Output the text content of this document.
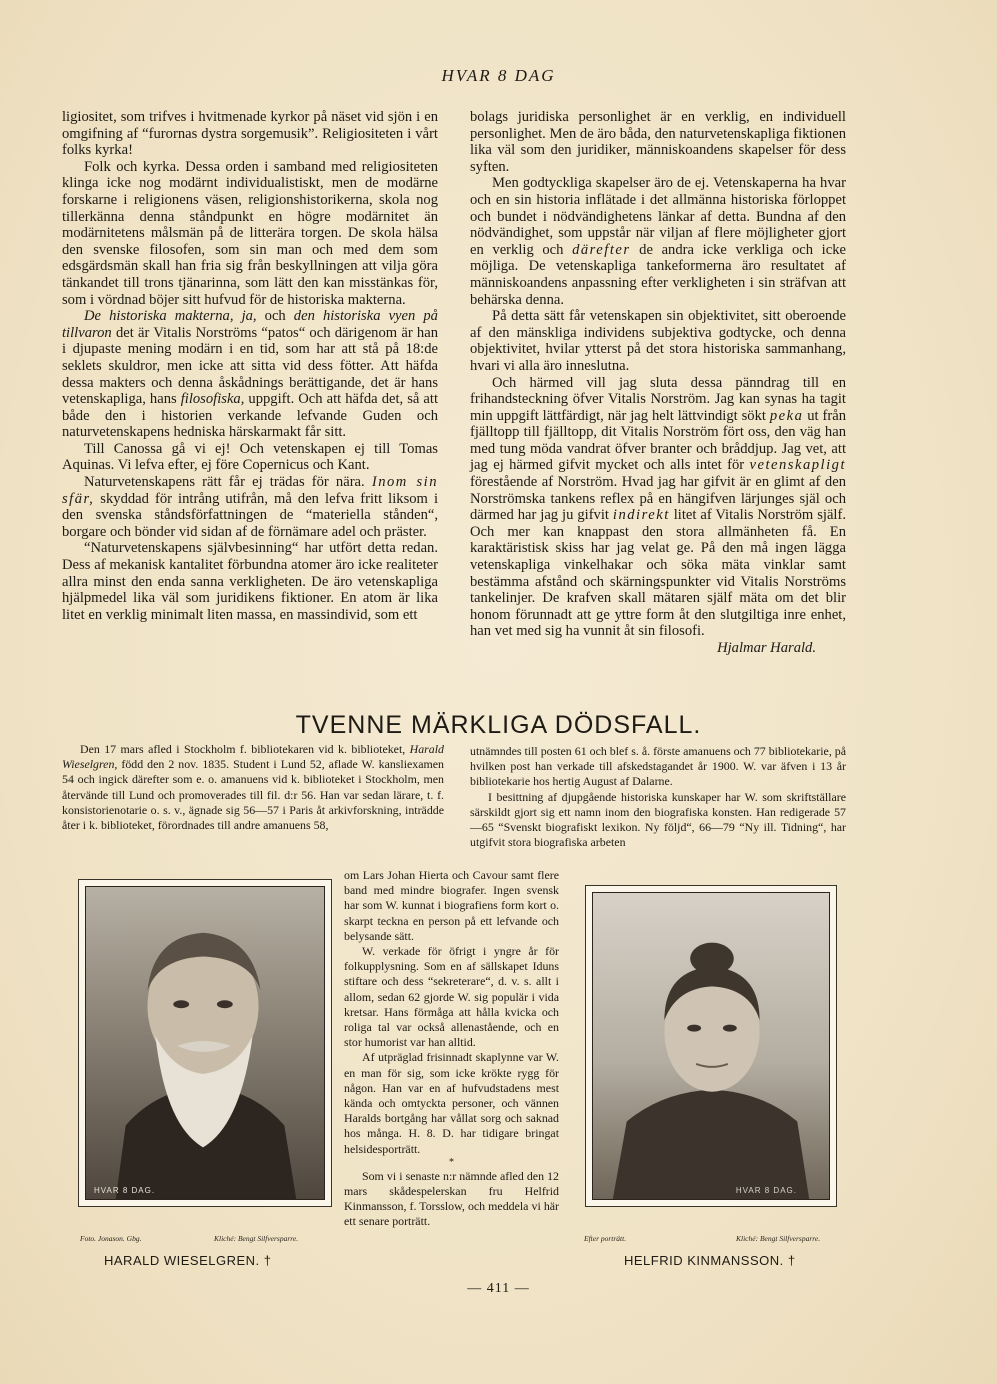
HVAR 8 DAG

ligiositet, som trifves i hvitmenade kyrkor på näset vid sjön i en omgifning af “furornas dystra sorgemusik”. Religiositeten i vårt folks kyrka!

Folk och kyrka. Dessa orden i samband med religiositeten klinga icke nog modärnt individualistiskt, men de modärne forskarne i religionens väsen, religionshistorikerna, skola nog tillerkänna denna ståndpunkt en högre modärnitet än modärnitetens målsmän på de litterära torgen. De skola hälsa den svenske filosofen, som sin man och med dem som edsgärdsmän skall han fria sig från beskyllningen att vilja göra tänkandet till trons tjänarinna, som lätt den kan misstänkas för, som i vördnad böjer sitt hufvud för de historiska makterna.

De historiska makterna, ja, och den historiska vyen på tillvaron det är Vitalis Norströms “patos“ och därigenom är han i djupaste mening modärn i en tid, som har att stå på 18:de seklets skuldror, men icke att sitta vid dess fötter. Att häfda dessa makters och denna åskådnings berättigande, det är hans vetenskapliga, hans filosofiska, uppgift. Och att häfda det, så att både den i historien verkande lefvande Guden och naturvetenskapens hedniska härskarmakt får sitt.

Till Canossa gå vi ej! Och vetenskapen ej till Tomas Aquinas. Vi lefva efter, ej före Copernicus och Kant.

Naturvetenskapens rätt får ej trädas för nära. Inom sin sfär, skyddad för intrång utifrån, må den lefva fritt liksom i den svenska ståndsförfattningen de “materiella stånden“, borgare och bönder vid sidan af de förnämare adel och präster.

“Naturvetenskapens självbesinning“ har utfört detta redan. Dess af mekanisk kantalitet förbundna atomer äro icke realiteter allra minst den enda sanna verkligheten. De äro vetenskapliga hjälpmedel lika väl som juridikens fiktioner. En atom är lika litet en verklig minimalt liten massa, en massindivid, som ett

bolags juridiska personlighet är en verklig, en individuell personlighet. Men de äro båda, den naturvetenskapliga fiktionen lika väl som den juridiker, människoandens skapelser för dess syften.

Men godtyckliga skapelser äro de ej. Vetenskaperna ha hvar och en sin historia inflätade i det allmänna historiska förloppet och bundet i nödvändighetens länkar af detta. Bundna af den nödvändighet, som uppstår när viljan af flere möjligheter gjort en verklig och därefter de andra icke verkliga och icke möjliga. De vetenskapliga tankeformerna äro resultatet af människoandens anpassning efter verkligheten i sin sträfvan att behärska denna.

På detta sätt får vetenskapen sin objektivitet, sitt oberoende af den mänskliga individens subjektiva godtycke, och denna objektivitet, hvilar ytterst på det stora historiska sammanhang, hvari vi alla äro inneslutna.

Och härmed vill jag sluta dessa pänndrag till en frihandsteckning öfver Vitalis Norström. Jag kan synas ha tagit min uppgift lättfärdigt, när jag helt lättvindigt sökt peka ut från fjälltopp till fjälltopp, dit Vitalis Norström fört oss, den väg han med tung möda vandrat öfver branter och bråddjup. Jag vet, att jag ej härmed gifvit mycket och alls intet för vetenskapligt förestående af Norström. Hvad jag har gifvit är en glimt af den Norströmska tankens reflex på en hängifven lärjunges själ och därmed har jag ju gifvit indirekt litet af Vitalis Norström själf. Och mer kan knappast den stora allmänheten få. En karaktäristisk skiss har jag velat ge. På den må ingen lägga vetenskapliga vinkelhakar och söka mäta vinklar samt bestämma afstånd och skärningspunkter vid Vitalis Norströms tankelinjer. De krafven skall mätaren själf mäta om det blir honom förunnadt att ge yttre form åt den slutgiltiga inre enhet, han vet med sig ha vunnit åt sin filosofi.

Hjalmar Harald.

TVENNE MÄRKLIGA DÖDSFALL.

Den 17 mars afled i Stockholm f. bibliotekaren vid k. biblioteket, Harald Wieselgren, född den 2 nov. 1835. Student i Lund 52, aflade W. kansliexamen 54 och ingick därefter som e. o. amanuens vid k. biblioteket i Stockholm, men återvände till Lund och promoverades till fil. d:r 56. Han var sedan lärare, t. f. konsistorienotarie o. s. v., ägnade sig 56—57 i Paris åt arkivforskning, inträdde åter i k. biblioteket, förordnades till andre amanuens 58,

utnämndes till posten 61 och blef s. å. förste amanuens och 77 bibliotekarie, på hvilken post han verkade till afskedstagandet år 1900. W. var äfven i 13 år bibliotekarie hos hertig August af Dalarne.

I besittning af djupgående historiska kunskaper har W. som skriftställare särskildt gjort sig ett namn inom den biografiska konsten. Han redigerade 57—65 “Svenskt biografiskt lexikon. Ny följd“, 66—79 “Ny ill. Tidning“, har utgifvit stora biografiska arbeten

om Lars Johan Hierta och Cavour samt flere band med mindre biografer. Ingen svensk har som W. kunnat i biografiens form kort o. skarpt teckna en person på ett lefvande och belysande sätt.

W. verkade för öfrigt i yngre år för folkupplysning. Som en af sällskapet Iduns stiftare och dess “sekreterare“, d. v. s. allt i allom, sedan 62 gjorde W. sig populär i vida kretsar. Hans förmåga att hålla kvicka och roliga tal var också allenastående, och en stor humorist var han alltid.

Af utpräglad frisinnadt skaplynne var W. en man för sig, som icke krökte rygg för någon. Han var en af hufvudstadens mest kända och omtyckta personer, och vännen Haralds bortgång har vållat sorg och saknad hos många. H. 8. D. har tidigare bringat helsidesporträtt.

*

Som vi i senaste n:r nämnde afled den 12 mars skådespelerskan fru Helfrid Kinmansson, f. Torsslow, och meddela vi här ett senare porträtt.

HVAR 8 DAG.
Foto. Jonason. Gbg.	Kliché: Bengt Silfversparre.
HARALD WIESELGREN. †
HVAR 8 DAG.
Efter porträtt.	Kliché: Bengt Silfversparre.
HELFRID KINMANSSON. †
— 411 —
